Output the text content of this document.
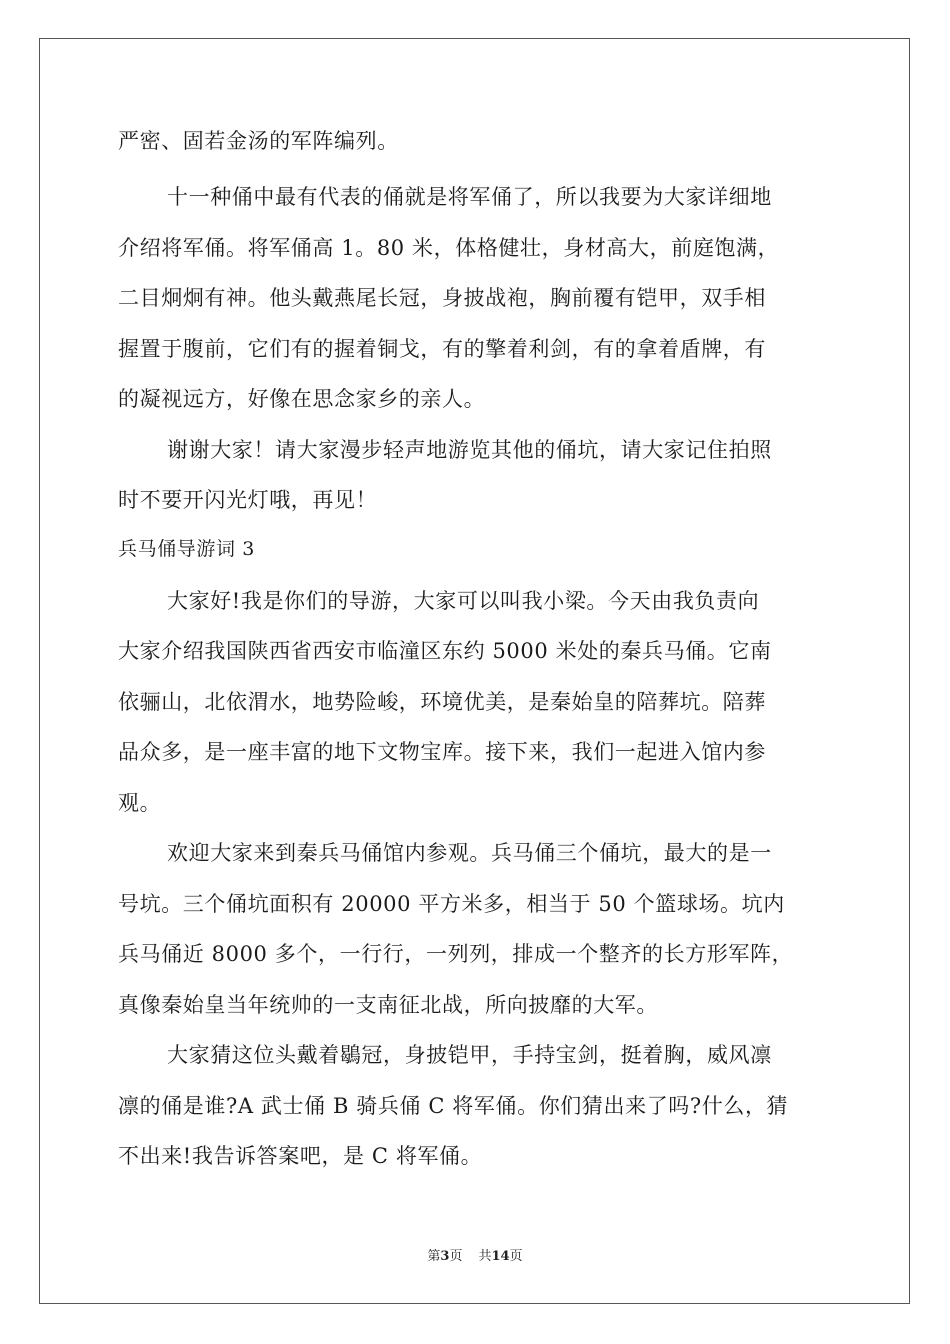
严密、固若金汤的军阵编列。

十一种俑中最有代表的俑就是将军俑了，所以我要为大家详细地

介绍将军俑。将军俑高 1。80 米，体格健壮，身材高大，前庭饱满，

二目炯炯有神。他头戴燕尾长冠，身披战袍，胸前覆有铠甲，双手相

握置于腹前，它们有的握着铜戈，有的擎着利剑，有的拿着盾牌，有

的凝视远方，好像在思念家乡的亲人。

谢谢大家！请大家漫步轻声地游览其他的俑坑，请大家记住拍照

时不要开闪光灯哦，再见！

兵马俑导游词 3

大家好!我是你们的导游，大家可以叫我小梁。今天由我负责向

大家介绍我国陕西省西安市临潼区东约 5000 米处的秦兵马俑。它南

依骊山，北依渭水，地势险峻，环境优美，是秦始皇的陪葬坑。陪葬

品众多，是一座丰富的地下文物宝库。接下来，我们一起进入馆内参

观。

欢迎大家来到秦兵马俑馆内参观。兵马俑三个俑坑，最大的是一

号坑。三个俑坑面积有 20000 平方米多，相当于 50 个篮球场。坑内

兵马俑近 8000 多个，一行行，一列列，排成一个整齐的长方形军阵，

真像秦始皇当年统帅的一支南征北战，所向披靡的大军。

大家猜这位头戴着鶡冠，身披铠甲，手持宝剑，挺着胸，威风凛

凛的俑是谁?A 武士俑 B 骑兵俑 C 将军俑。你们猜出来了吗?什么，猜

不出来!我告诉答案吧，是 C 将军俑。

第3页 共14页
